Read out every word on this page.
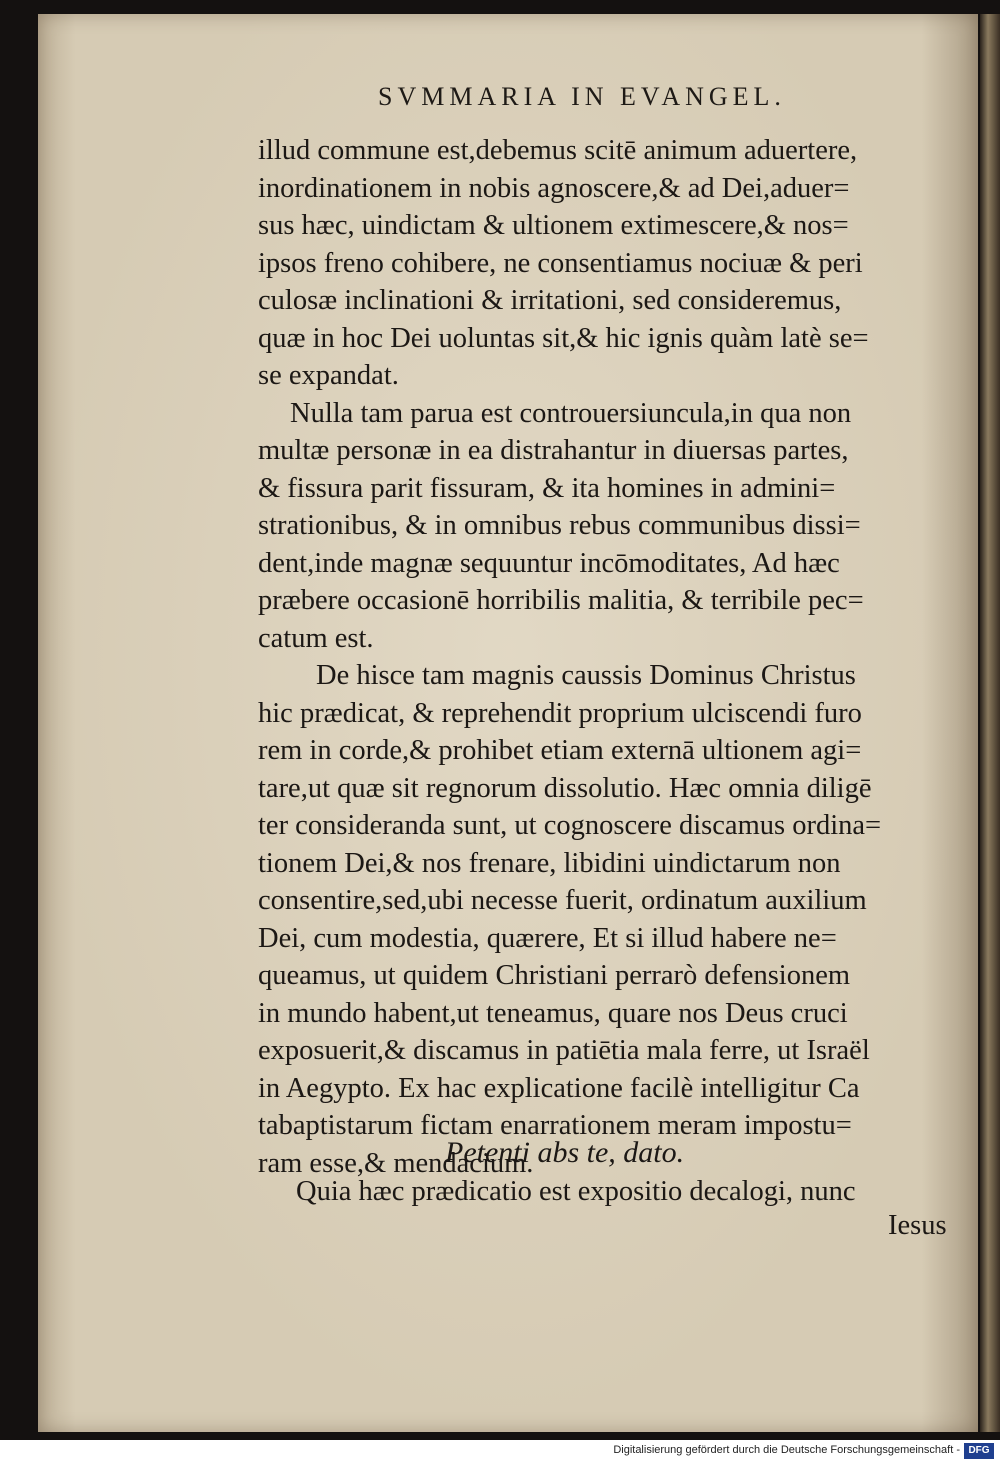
SVMMARIA IN EVANGEL.
illud commune est,debemus scitē animum aduertere,
inordinationem in nobis agnoscere,& ad Dei,aduer=
sus hæc, uindictam & ultionem extimescere,& nos=
ipsos freno cohibere, ne consentiamus nociuæ & peri
culosæ inclinationi & irritationi, sed consideremus,
quæ in hoc Dei uoluntas sit,& hic ignis quàm latè se=
se expandat.
Nulla tam parua est controuersiuncula,in qua non
multæ personæ in ea distrahantur in diuersas partes,
& fissura parit fissuram, & ita homines in admini=
strationibus, & in omnibus rebus communibus dissi=
dent,inde magnæ sequuntur incōmoditates, Ad hæc
præbere occasionē horribilis malitia, & terribile pec=
catum est.
De hisce tam magnis caussis Dominus Christus
hic prædicat, & reprehendit proprium ulciscendi furo
rem in corde,& prohibet etiam externā ultionem agi=
tare,ut quæ sit regnorum dissolutio. Hæc omnia diligē
ter consideranda sunt, ut cognoscere discamus ordina=
tionem Dei,& nos frenare, libidini uindictarum non
consentire,sed,ubi necesse fuerit, ordinatum auxilium
Dei, cum modestia, quærere, Et si illud habere ne=
queamus, ut quidem Christiani perrarò defensionem
in mundo habent,ut teneamus, quare nos Deus cruci
exposuerit,& discamus in patiētia mala ferre, ut Israël
in Aegypto. Ex hac explicatione facilè intelligitur Ca
tabaptistarum fictam enarrationem meram impostu=
ram esse,& mendacium.
Petenti abs te, dato.
Quia hæc prædicatio est expositio decalogi, nunc
Iesus
Digitalisierung gefördert durch die Deutsche Forschungsgemeinschaft - DFG
